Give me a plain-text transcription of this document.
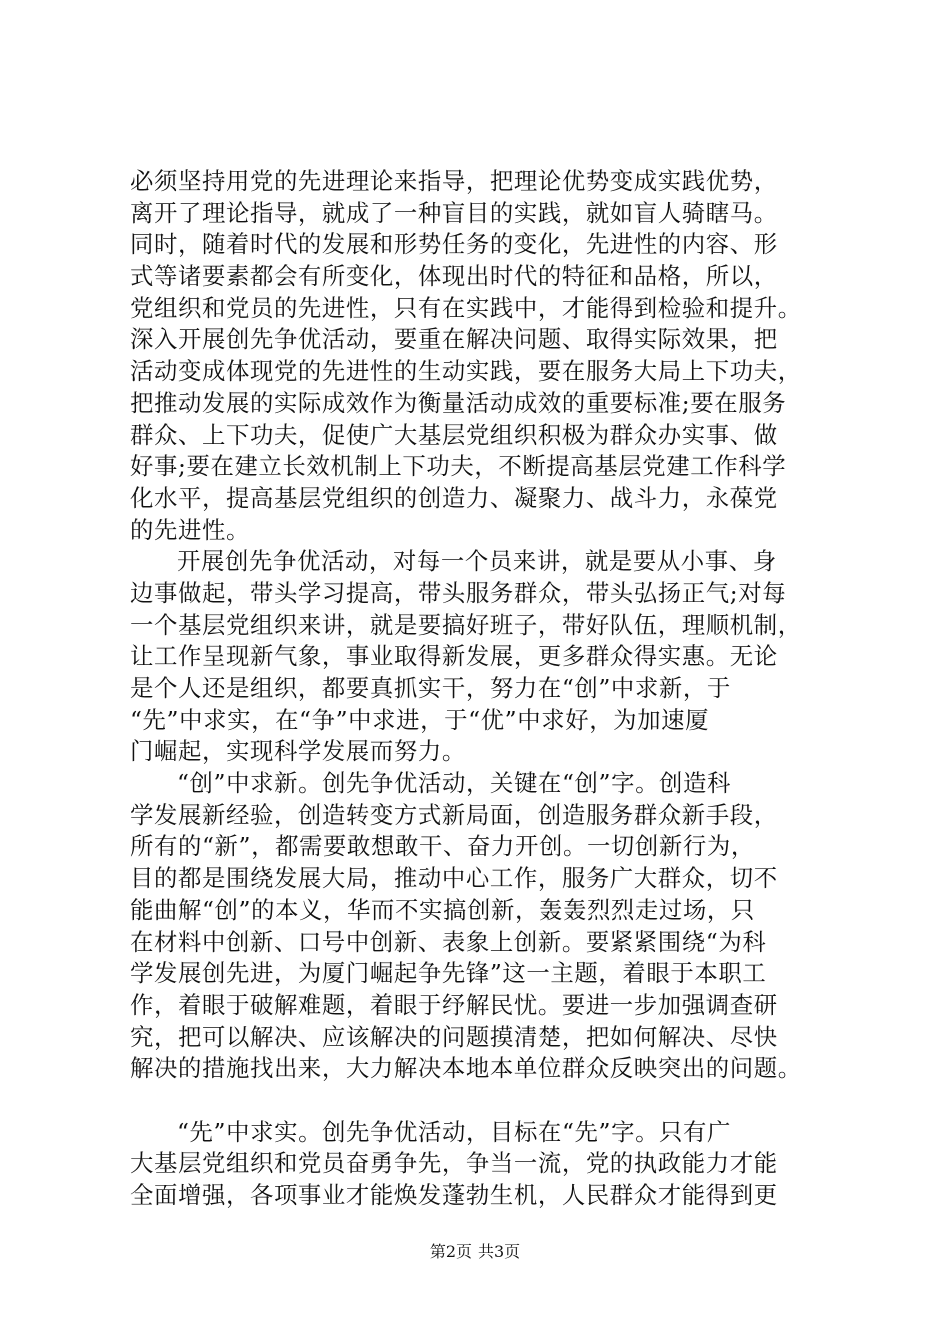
必须坚持用党的先进理论来指导，把理论优势变成实践优势，
离开了理论指导，就成了一种盲目的实践，就如盲人骑瞎马。
同时，随着时代的发展和形势任务的变化，先进性的内容、形
式等诸要素都会有所变化，体现出时代的特征和品格，所以，
党组织和党员的先进性，只有在实践中，才能得到检验和提升。
深入开展创先争优活动，要重在解决问题、取得实际效果，把
活动变成体现党的先进性的生动实践，要在服务大局上下功夫，
把推动发展的实际成效作为衡量活动成效的重要标准;要在服务
群众、上下功夫，促使广大基层党组织积极为群众办实事、做
好事;要在建立长效机制上下功夫，不断提高基层党建工作科学
化水平，提高基层党组织的创造力、凝聚力、战斗力，永葆党
的先进性。
开展创先争优活动，对每一个员来讲，就是要从小事、身
边事做起，带头学习提高，带头服务群众，带头弘扬正气;对每
一个基层党组织来讲，就是要搞好班子，带好队伍，理顺机制，
让工作呈现新气象，事业取得新发展，更多群众得实惠。无论
是个人还是组织，都要真抓实干，努力在“创”中求新，于
“先”中求实，在“争”中求进，于“优”中求好，为加速厦
门崛起，实现科学发展而努力。
“创”中求新。创先争优活动，关键在“创”字。创造科
学发展新经验，创造转变方式新局面，创造服务群众新手段，
所有的“新”，都需要敢想敢干、奋力开创。一切创新行为，
目的都是围绕发展大局，推动中心工作，服务广大群众，切不
能曲解“创”的本义，华而不实搞创新，轰轰烈烈走过场，只
在材料中创新、口号中创新、表象上创新。要紧紧围绕“为科
学发展创先进，为厦门崛起争先锋”这一主题，着眼于本职工
作，着眼于破解难题，着眼于纾解民忧。要进一步加强调查研
究，把可以解决、应该解决的问题摸清楚，把如何解决、尽快
解决的措施找出来，大力解决本地本单位群众反映突出的问题。
“先”中求实。创先争优活动，目标在“先”字。只有广
大基层党组织和党员奋勇争先，争当一流，党的执政能力才能
全面增强，各项事业才能焕发蓬勃生机，人民群众才能得到更
第2页 共3页
